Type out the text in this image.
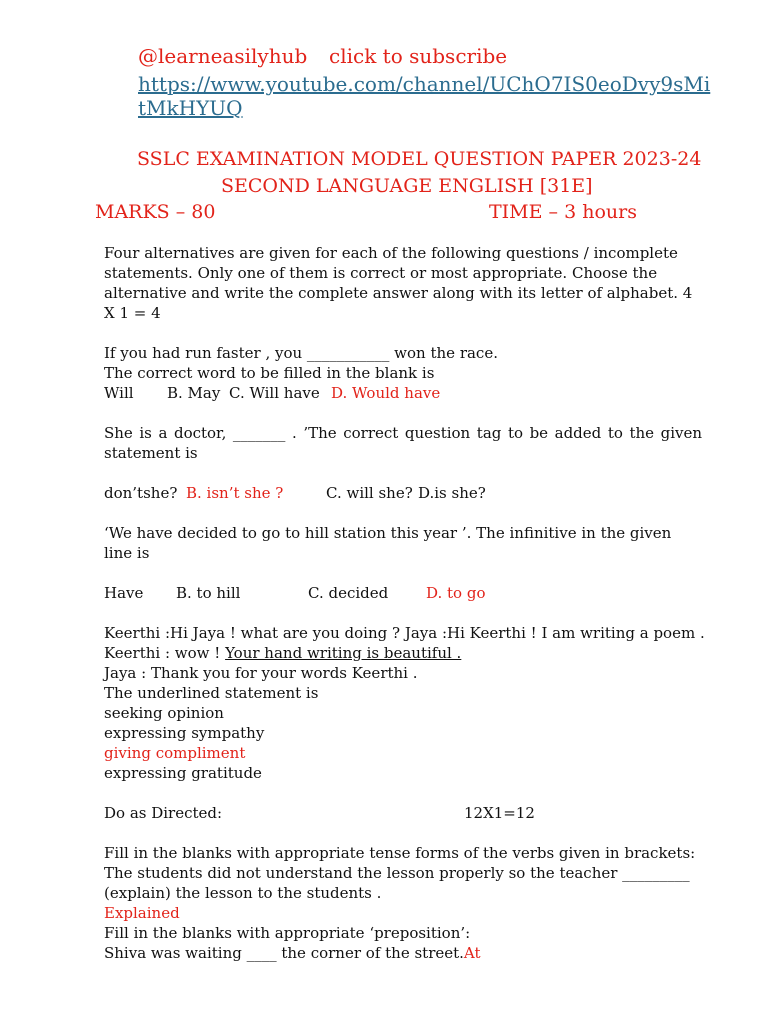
@learneasilyhub click to subscribe
https://www.youtube.com/channel/UChO7IS0eoDvy9sMi
tMkHYUQ
SSLC EXAMINATION MODEL QUESTION PAPER 2023-24
SECOND LANGUAGE ENGLISH [31E]
MARKS – 80	TIME – 3 hours
Four alternatives are given for each of the following questions / incomplete
statements. Only one of them is correct or most appropriate. Choose the
alternative and write the complete answer along with its letter of alphabet. 4
X 1 = 4
If you had run faster , you ___________ won the race.
The correct word to be filled in the blank is
Will	B. May C. Will have D. Would have
She is a doctor, _______ . ’The correct question tag to be added to the given statement is
don’tshe? B. isn’t she ?	C. will she? D.is she?
‘We have decided to go to hill station this year ’. The infinitive in the given line is
Have	B. to hill	C. decided	D. to go
Keerthi :Hi Jaya ! what are you doing ? Jaya :Hi Keerthi ! I am writing a poem .
Keerthi : wow ! Your hand writing is beautiful .
Jaya : Thank you for your words Keerthi .
The underlined statement is
seeking opinion
expressing sympathy
giving compliment
expressing gratitude
Do as Directed:	12X1=12
Fill in the blanks with appropriate tense forms of the verbs given in brackets:
The students did not understand the lesson properly so the teacher _________
(explain) the lesson to the students .
Explained
Fill in the blanks with appropriate ‘preposition’:
Shiva was waiting ____ the corner of the street.At
